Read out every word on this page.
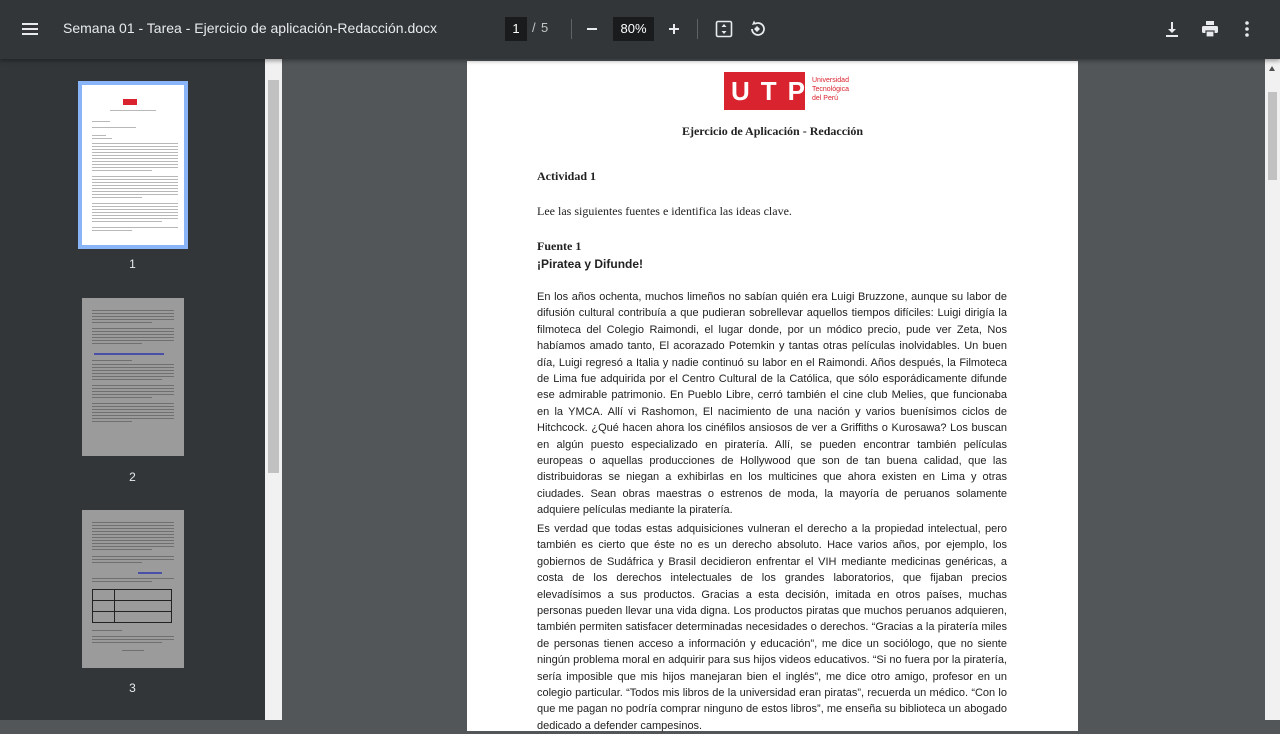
Semana 01 - Tarea - Ejercicio de aplicación-Redacción.docx	1 / 5	80%
1
2
3
UTP
Universidad
Tecnológica
del Perú
Ejercicio de Aplicación - Redacción
Actividad 1
Lee las siguientes fuentes e identifica las ideas clave.
Fuente 1
¡Piratea y Difunde!
En los años ochenta, muchos limeños no sabían quién era Luigi Bruzzone, aunque su labor de difusión cultural contribuía a que pudieran sobrellevar aquellos tiempos difíciles: Luigi dirigía la filmoteca del Colegio Raimondi, el lugar donde, por un módico precio, pude ver Zeta, Nos habíamos amado tanto, El acorazado Potemkin y tantas otras películas inolvidables. Un buen día, Luigi regresó a Italia y nadie continuó su labor en el Raimondi. Años después, la Filmoteca de Lima fue adquirida por el Centro Cultural de la Católica, que sólo esporádicamente difunde ese admirable patrimonio. En Pueblo Libre, cerró también el cine club Melies, que funcionaba en la YMCA. Allí vi Rashomon, El nacimiento de una nación y varios buenísimos ciclos de Hitchcock. ¿Qué hacen ahora los cinéfilos ansiosos de ver a Griffiths o Kurosawa? Los buscan en algún puesto especializado en piratería. Allí, se pueden encontrar también películas europeas o aquellas producciones de Hollywood que son de tan buena calidad, que las distribuidoras se niegan a exhibirlas en los multicines que ahora existen en Lima y otras ciudades. Sean obras maestras o estrenos de moda, la mayoría de peruanos solamente adquiere películas mediante la piratería.
Es verdad que todas estas adquisiciones vulneran el derecho a la propiedad intelectual, pero también es cierto que éste no es un derecho absoluto. Hace varios años, por ejemplo, los gobiernos de Sudáfrica y Brasil decidieron enfrentar el VIH mediante medicinas genéricas, a costa de los derechos intelectuales de los grandes laboratorios, que fijaban precios elevadísimos a sus productos. Gracias a esta decisión, imitada en otros países, muchas personas pueden llevar una vida digna. Los productos piratas que muchos peruanos adquieren, también permiten satisfacer determinadas necesidades o derechos. “Gracias a la piratería miles de personas tienen acceso a información y educación”, me dice un sociólogo, que no siente ningún problema moral en adquirir para sus hijos videos educativos. “Si no fuera por la piratería, sería imposible que mis hijos manejaran bien el inglés”, me dice otro amigo, profesor en un colegio particular. “Todos mis libros de la universidad eran piratas”, recuerda un médico. “Con lo que me pagan no podría comprar ninguno de estos libros”, me enseña su biblioteca un abogado dedicado a defender campesinos.
